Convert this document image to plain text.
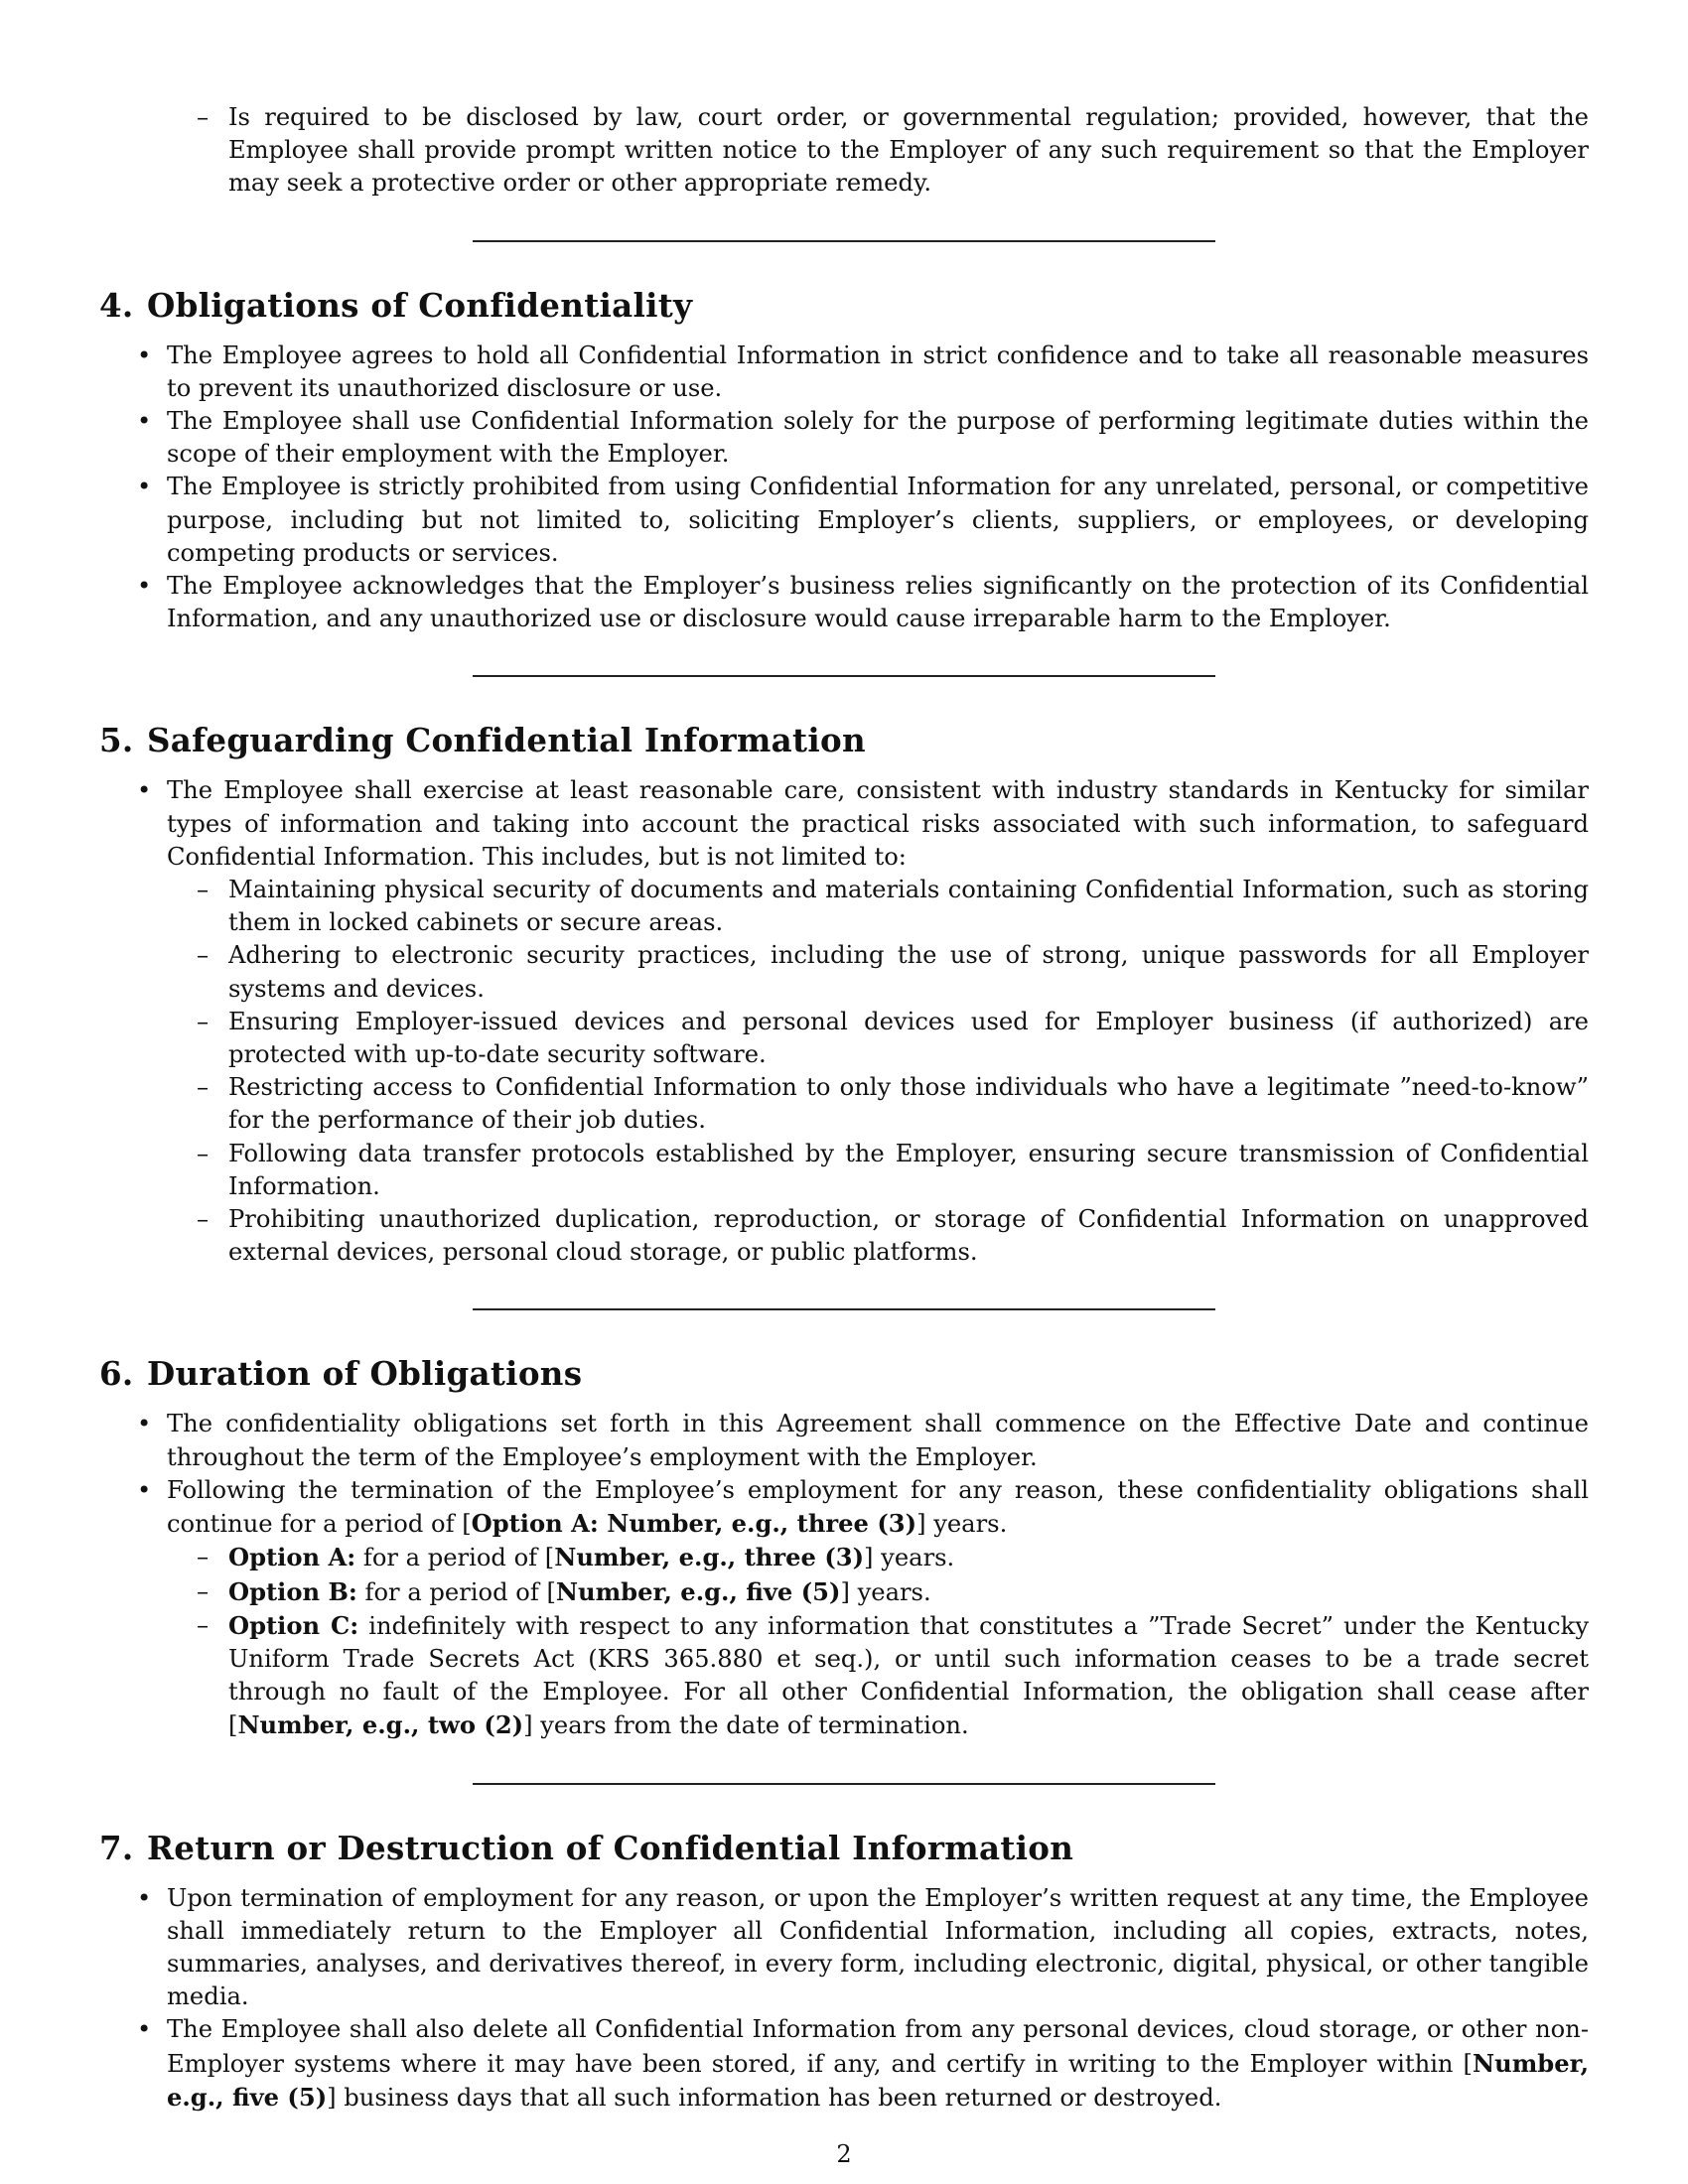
– Is required to be disclosed by law, court order, or governmental regulation; provided, however, that the Employee shall provide prompt written notice to the Employer of any such requirement so that the Employer may seek a protective order or other appropriate remedy.
4. Obligations of Confidentiality
• The Employee agrees to hold all Confidential Information in strict confidence and to take all reasonable measures to prevent its unauthorized disclosure or use.
• The Employee shall use Confidential Information solely for the purpose of performing legitimate duties within the scope of their employment with the Employer.
• The Employee is strictly prohibited from using Confidential Information for any unrelated, personal, or competitive purpose, including but not limited to, soliciting Employer’s clients, suppliers, or employees, or developing competing products or services.
• The Employee acknowledges that the Employer’s business relies significantly on the protection of its Confidential Information, and any unauthorized use or disclosure would cause irreparable harm to the Employer.
5. Safeguarding Confidential Information
• The Employee shall exercise at least reasonable care, consistent with industry standards in Kentucky for similar types of information and taking into account the practical risks associated with such information, to safeguard Confidential Information. This includes, but is not limited to:
– Maintaining physical security of documents and materials containing Confidential Information, such as storing them in locked cabinets or secure areas.
– Adhering to electronic security practices, including the use of strong, unique passwords for all Employer systems and devices.
– Ensuring Employer-issued devices and personal devices used for Employer business (if authorized) are protected with up-to-date security software.
– Restricting access to Confidential Information to only those individuals who have a legitimate ”need-to-know” for the performance of their job duties.
– Following data transfer protocols established by the Employer, ensuring secure transmission of Confidential Information.
– Prohibiting unauthorized duplication, reproduction, or storage of Confidential Information on unapproved external devices, personal cloud storage, or public platforms.
6. Duration of Obligations
• The confidentiality obligations set forth in this Agreement shall commence on the Effective Date and continue throughout the term of the Employee’s employment with the Employer.
• Following the termination of the Employee’s employment for any reason, these confidentiality obligations shall continue for a period of [Option A: Number, e.g., three (3)] years.
– Option A: for a period of [Number, e.g., three (3)] years.
– Option B: for a period of [Number, e.g., five (5)] years.
– Option C: indefinitely with respect to any information that constitutes a ”Trade Secret” under the Kentucky Uniform Trade Secrets Act (KRS 365.880 et seq.), or until such information ceases to be a trade secret through no fault of the Employee. For all other Confidential Information, the obligation shall cease after [Number, e.g., two (2)] years from the date of termination.
7. Return or Destruction of Confidential Information
• Upon termination of employment for any reason, or upon the Employer’s written request at any time, the Employee shall immediately return to the Employer all Confidential Information, including all copies, extracts, notes, summaries, analyses, and derivatives thereof, in every form, including electronic, digital, physical, or other tangible media.
• The Employee shall also delete all Confidential Information from any personal devices, cloud storage, or other non-Employer systems where it may have been stored, if any, and certify in writing to the Employer within [Number, e.g., five (5)] business days that all such information has been returned or destroyed.
2
